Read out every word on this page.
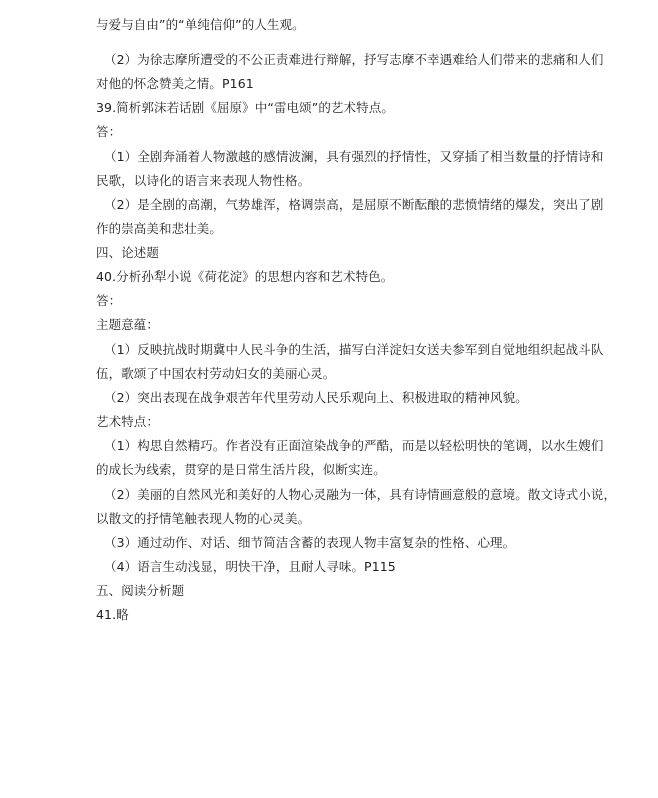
与爱与自由”的“单纯信仰”的人生观。
（2）为徐志摩所遭受的不公正责难进行辩解，抒写志摩不幸遇难给人们带来的悲痛和人们
对他的怀念赞美之情。P161
39.简析郭沫若话剧《屈原》中“雷电颂”的艺术特点。
答：
（1）全剧奔涌着人物激越的感情波澜，具有强烈的抒情性，又穿插了相当数量的抒情诗和
民歌，以诗化的语言来表现人物性格。
（2）是全剧的高潮，气势雄浑，格调崇高，是屈原不断酝酿的悲愤情绪的爆发，突出了剧
作的崇高美和悲壮美。
四、论述题
40.分析孙犁小说《荷花淀》的思想内容和艺术特色。
答：
主题意蕴：
（1）反映抗战时期冀中人民斗争的生活，描写白洋淀妇女送夫参军到自觉地组织起战斗队
伍，歌颂了中国农村劳动妇女的美丽心灵。
（2）突出表现在战争艰苦年代里劳动人民乐观向上、积极进取的精神风貌。
艺术特点：
（1）构思自然精巧。作者没有正面渲染战争的严酷，而是以轻松明快的笔调，以水生嫂们
的成长为线索，贯穿的是日常生活片段，似断实连。
（2）美丽的自然风光和美好的人物心灵融为一体，具有诗情画意般的意境。散文诗式小说，
以散文的抒情笔触表现人物的心灵美。
（3）通过动作、对话、细节简洁含蓄的表现人物丰富复杂的性格、心理。
（4）语言生动浅显，明快干净，且耐人寻味。P115
五、阅读分析题
41.略
